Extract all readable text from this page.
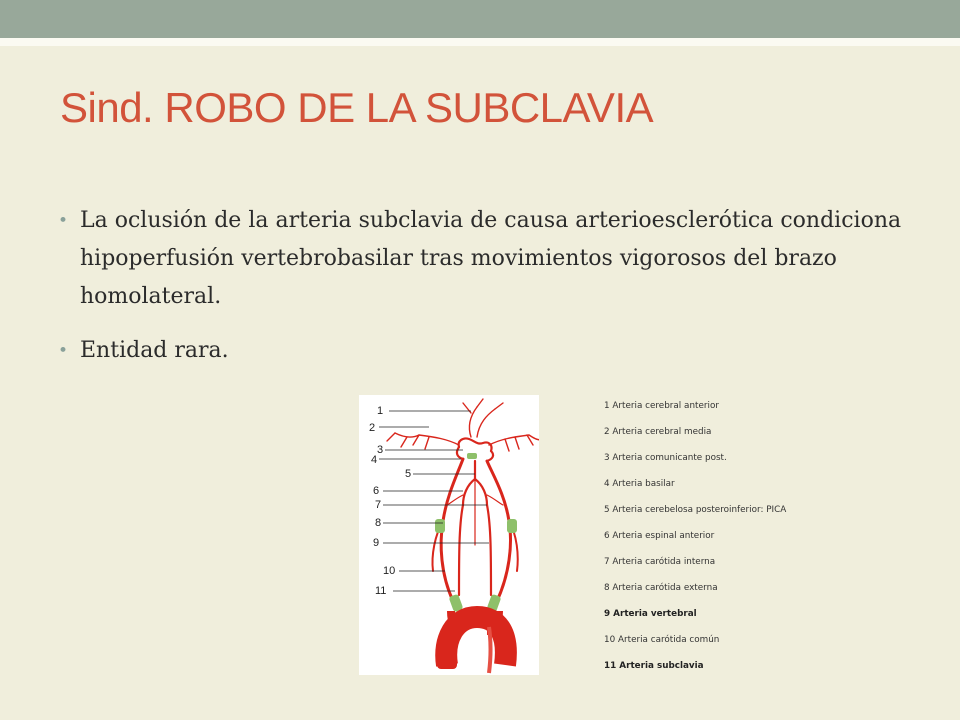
Sind. ROBO DE LA SUBCLAVIA
• La oclusión de la arteria subclavia de causa arterioesclerótica condiciona hipoperfusión vertebrobasilar tras movimientos vigorosos del brazo homolateral.
• Entidad rara.
1
2
3
4
5
6
7
8
9
10
11
1 Arteria cerebral anterior
2 Arteria cerebral media
3 Arteria comunicante post.
4 Arteria basilar
5 Arteria cerebelosa posteroinferior: PICA
6 Arteria espinal anterior
7 Arteria carótida interna
8 Arteria carótida externa
9 Arteria vertebral
10 Arteria carótida común
11 Arteria subclavia
